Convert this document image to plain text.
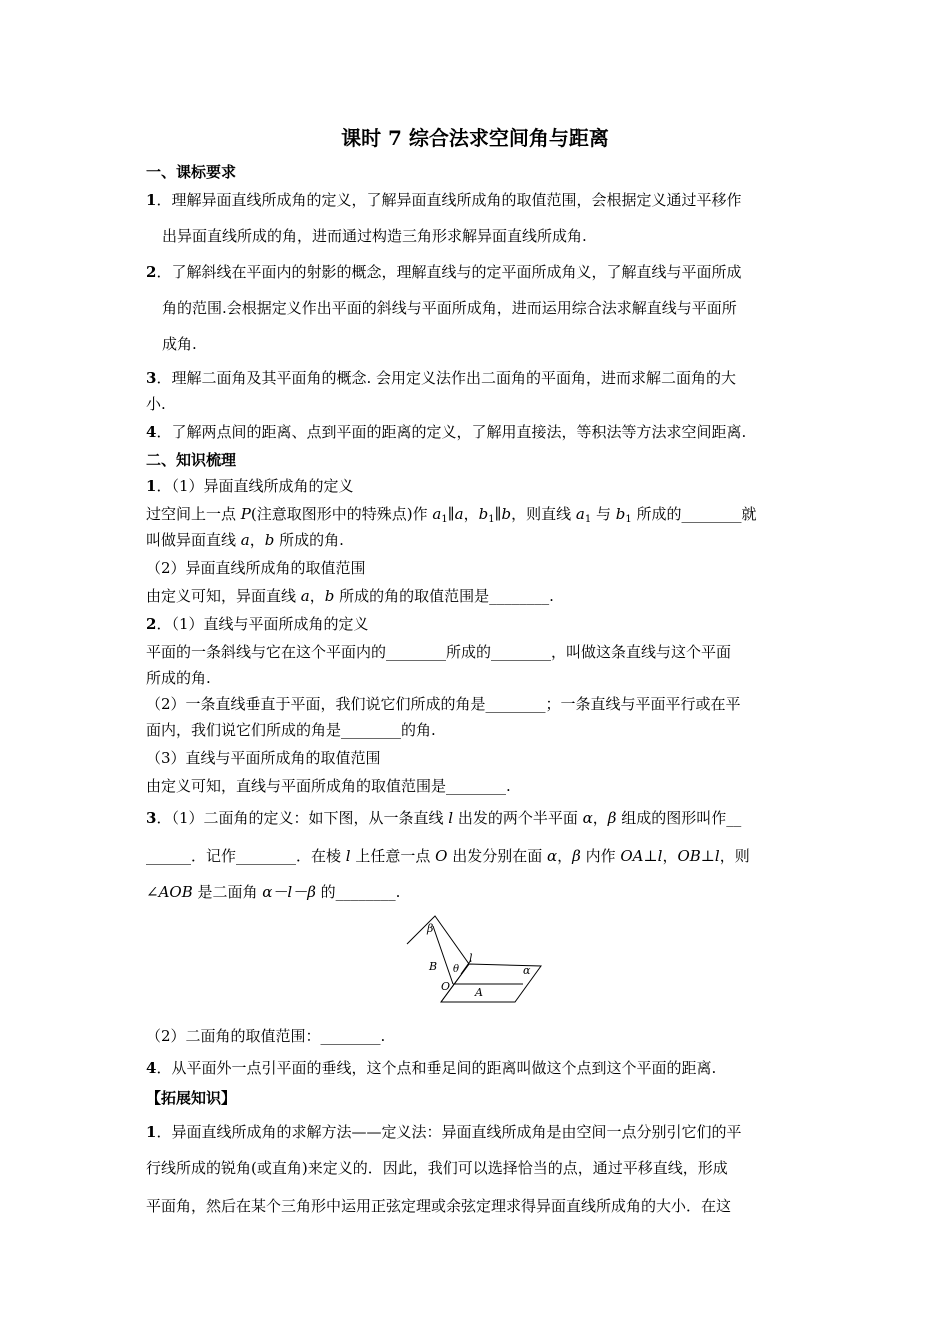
课时 7 综合法求空间角与距离
一、课标要求
1．理解异面直线所成角的定义，了解异面直线所成角的取值范围，会根据定义通过平移作
出异面直线所成的角，进而通过构造三角形求解异面直线所成角.
2．了解斜线在平面内的射影的概念，理解直线与的定平面所成角义，了解直线与平面所成
角的范围.会根据定义作出平面的斜线与平面所成角，进而运用综合法求解直线与平面所
成角.
3．理解二面角及其平面角的概念. 会用定义法作出二面角的平面角，进而求解二面角的大
小.
4．了解两点间的距离、点到平面的距离的定义，了解用直接法，等积法等方法求空间距离.
二、知识梳理
1．（1）异面直线所成角的定义
过空间上一点 P(注意取图形中的特殊点)作 $a_1\parallel a$，$b_1\parallel b$，则直线 $a_1$ 与 $b_1$ 所成的________就
叫做异面直线 a，b 所成的角.
（2）异面直线所成角的取值范围
由定义可知，异面直线 a，b 所成的角的取值范围是________.
2．（1）直线与平面所成角的定义
平面的一条斜线与它在这个平面内的________所成的________，叫做这条直线与这个平面
所成的角.
（2）一条直线垂直于平面，我们说它们所成的角是________；一条直线与平面平行或在平
面内，我们说它们所成的角是________的角.
（3）直线与平面所成角的取值范围
由定义可知，直线与平面所成角的取值范围是________.
3．（1）二面角的定义：如下图，从一条直线 l 出发的两个半平面 α，β 组成的图形叫作__
______．记作________．在棱 l 上任意一点 O 出发分别在面 α，β 内作 OA⊥l，OB⊥l，则
∠AOB 是二面角 α－l－β 的________.
β
B θ
l
α
O A
（2）二面角的取值范围：________.
4．从平面外一点引平面的垂线，这个点和垂足间的距离叫做这个点到这个平面的距离.
【拓展知识】
1．异面直线所成角的求解方法——定义法：异面直线所成角是由空间一点分别引它们的平
行线所成的锐角(或直角)来定义的．因此，我们可以选择恰当的点，通过平移直线，形成
平面角，然后在某个三角形中运用正弦定理或余弦定理求得异面直线所成角的大小．在这
